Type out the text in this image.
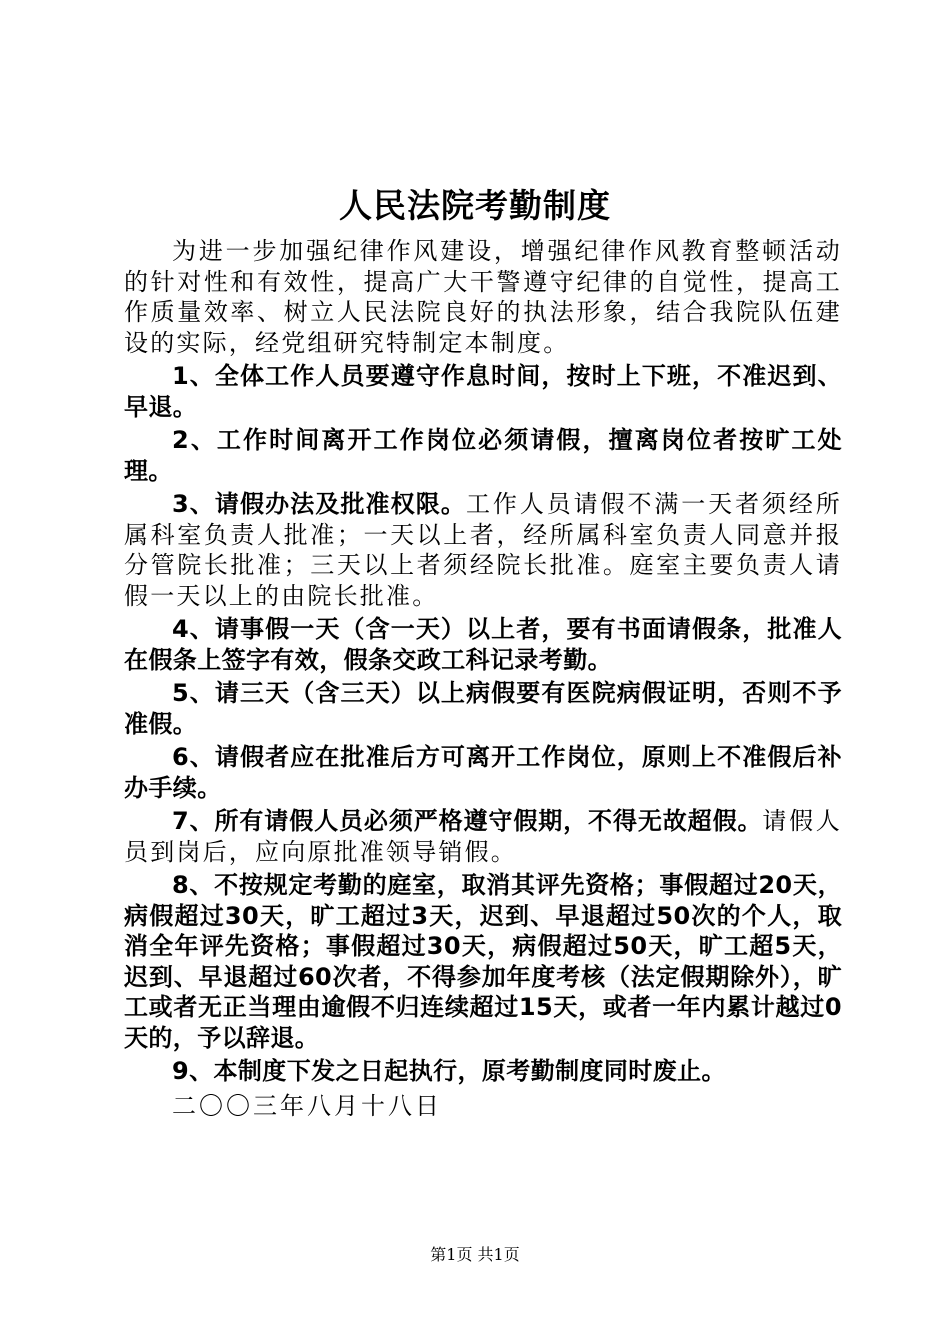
人民法院考勤制度

为进一步加强纪律作风建设，增强纪律作风教育整顿活动的针对性和有效性，提高广大干警遵守纪律的自觉性，提高工作质量效率、树立人民法院良好的执法形象，结合我院队伍建设的实际，经党组研究特制定本制度。

1、全体工作人员要遵守作息时间，按时上下班，不准迟到、早退。

2、工作时间离开工作岗位必须请假，擅离岗位者按旷工处理。

3、请假办法及批准权限。工作人员请假不满一天者须经所属科室负责人批准；一天以上者，经所属科室负责人同意并报分管院长批准；三天以上者须经院长批准。庭室主要负责人请假一天以上的由院长批准。

4、请事假一天（含一天）以上者，要有书面请假条，批准人在假条上签字有效，假条交政工科记录考勤。

5、请三天（含三天）以上病假要有医院病假证明，否则不予准假。

6、请假者应在批准后方可离开工作岗位，原则上不准假后补办手续。

7、所有请假人员必须严格遵守假期，不得无故超假。请假人员到岗后，应向原批准领导销假。

8、不按规定考勤的庭室，取消其评先资格；事假超过20天，病假超过30天，旷工超过3天，迟到、早退超过50次的个人，取消全年评先资格；事假超过30天，病假超过50天，旷工超5天，迟到、早退超过60次者，不得参加年度考核（法定假期除外），旷工或者无正当理由逾假不归连续超过15天，或者一年内累计越过0天的，予以辞退。

9、本制度下发之日起执行，原考勤制度同时废止。

二〇〇三年八月十八日

第1页 共1页
